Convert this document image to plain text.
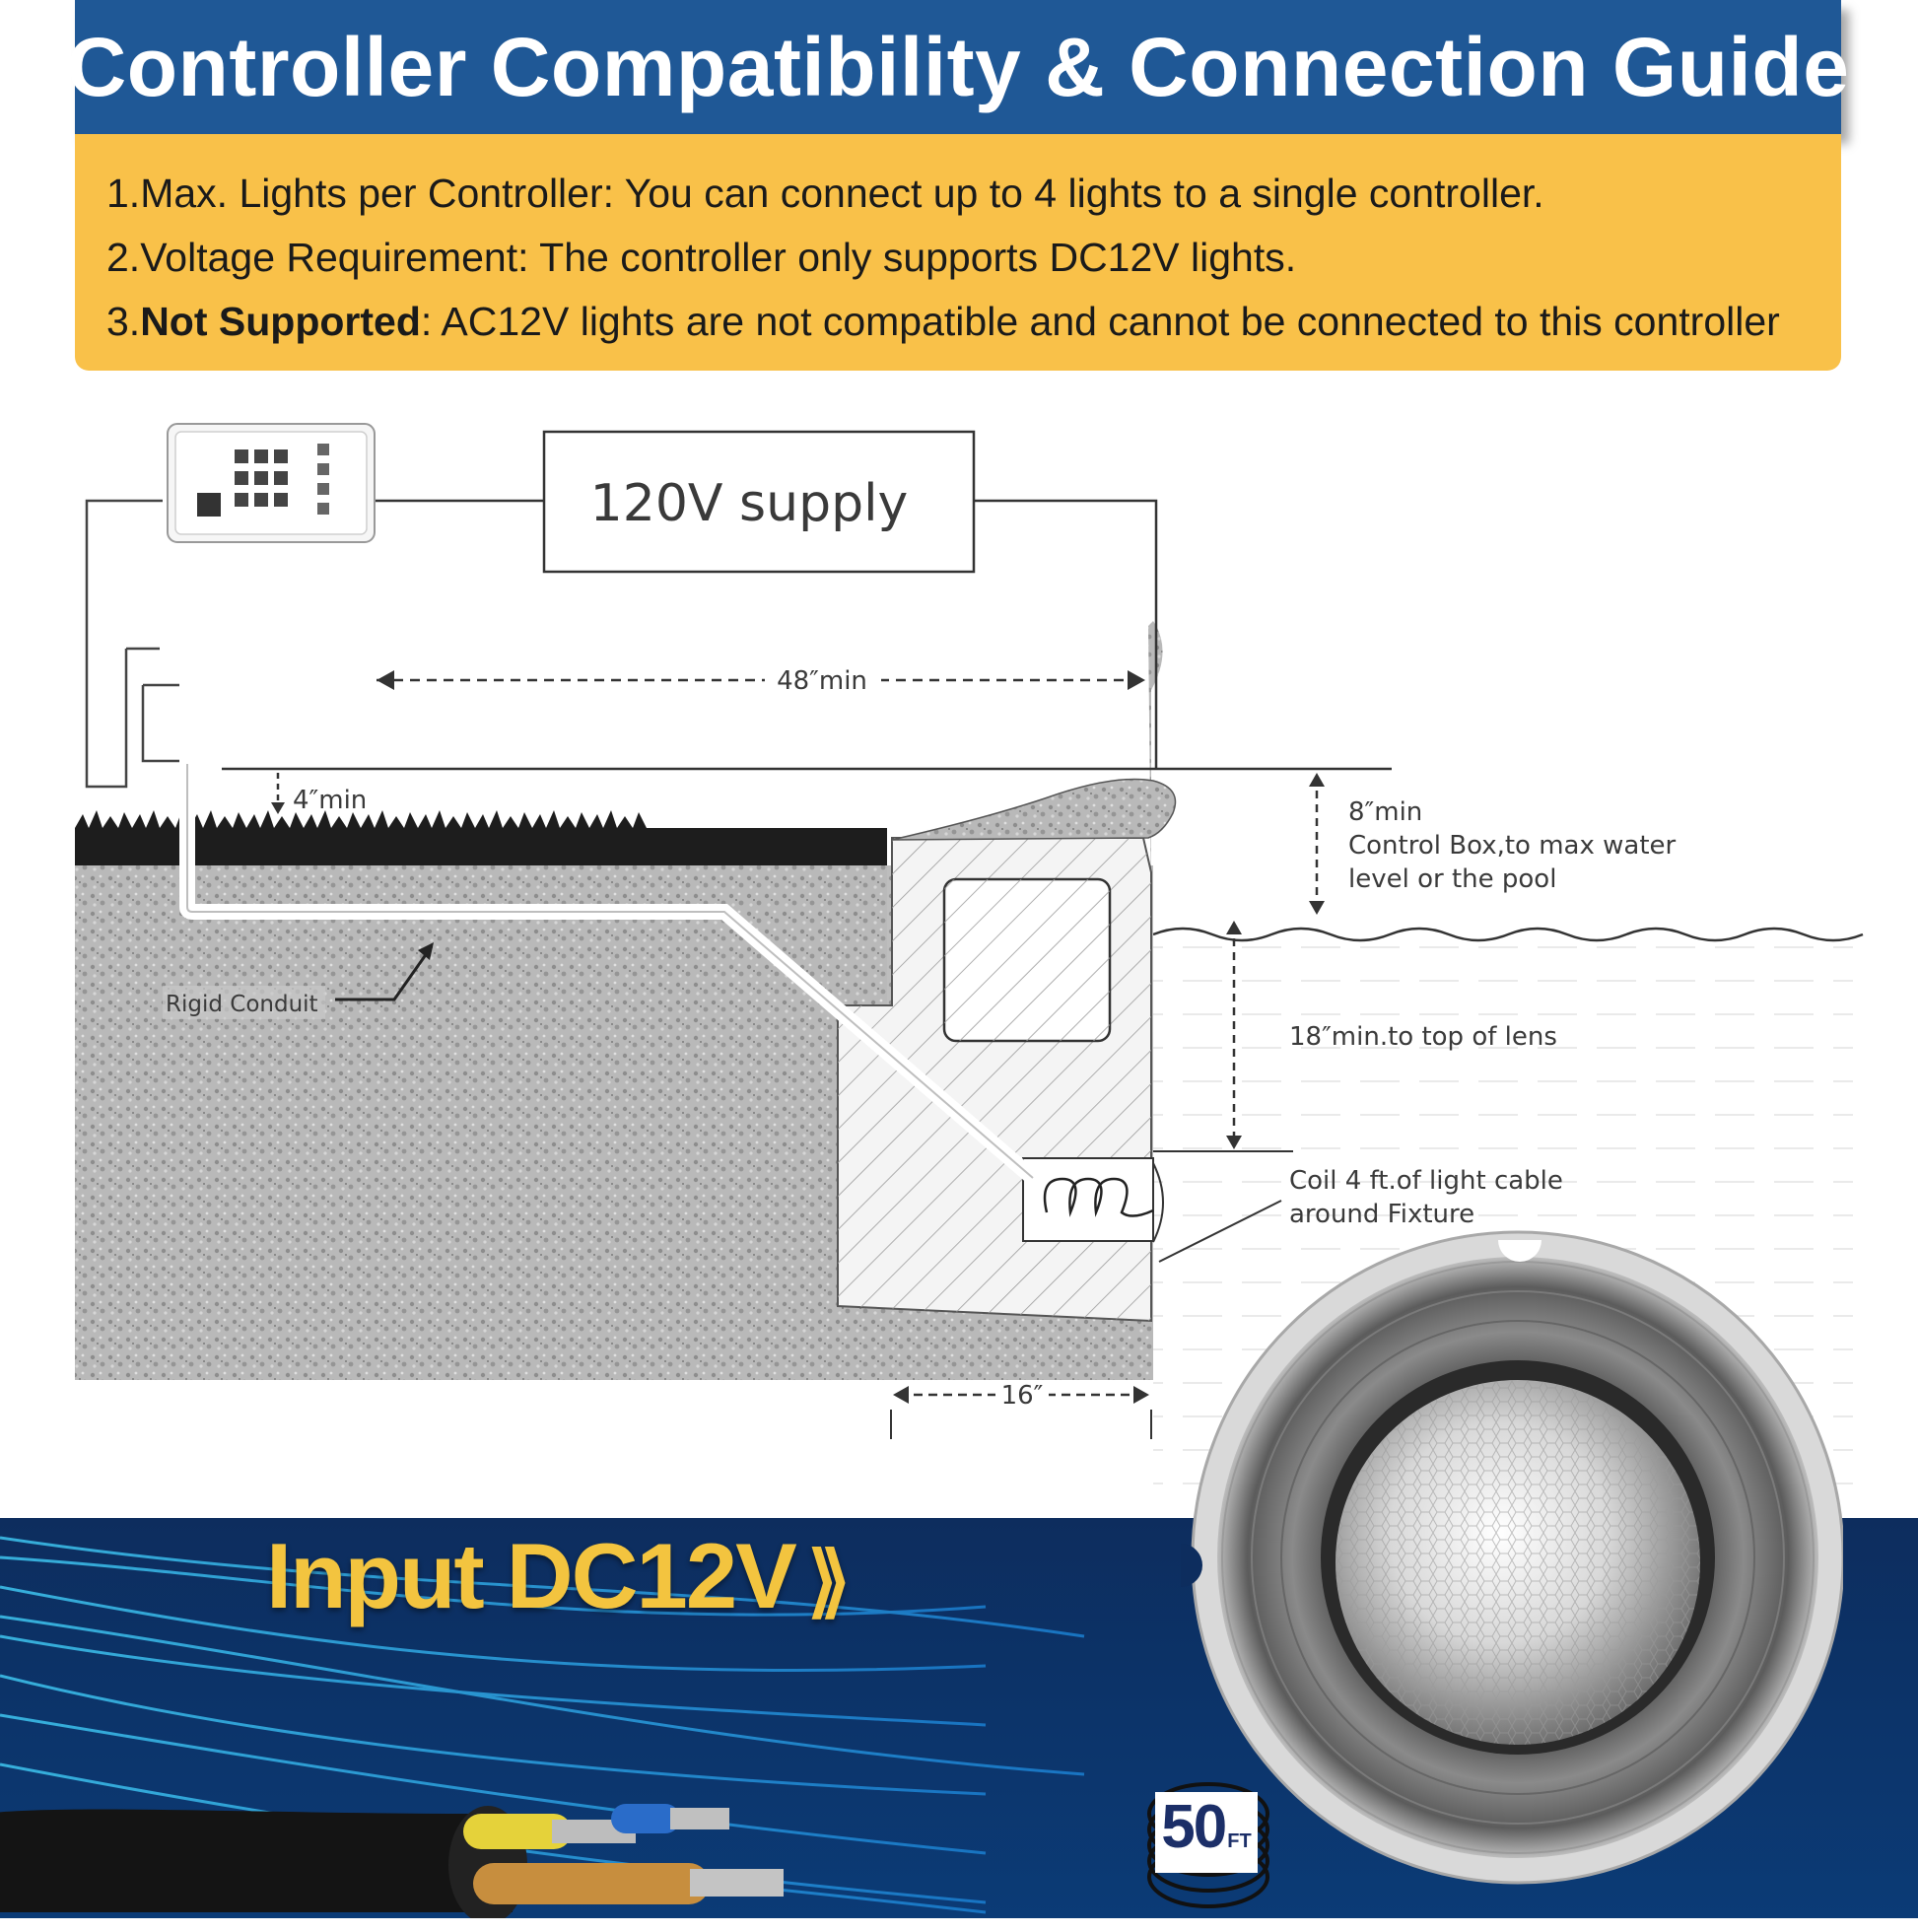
Controller Compatibility & Connection Guide
1.Max. Lights per Controller: You can connect up to 4 lights to a single controller.
2.Voltage Requirement: The controller only supports DC12V lights.
3.Not Supported: AC12V lights are not compatible and cannot be connected to this controller
120V supply
48″min
4″min	8″min
Control Box,to max water
level or the pool
18″min.to top of lens
Coil 4 ft.of light cable
around Fixture
Rigid Conduit
16″
Input DC12V ⟫
50 FT
